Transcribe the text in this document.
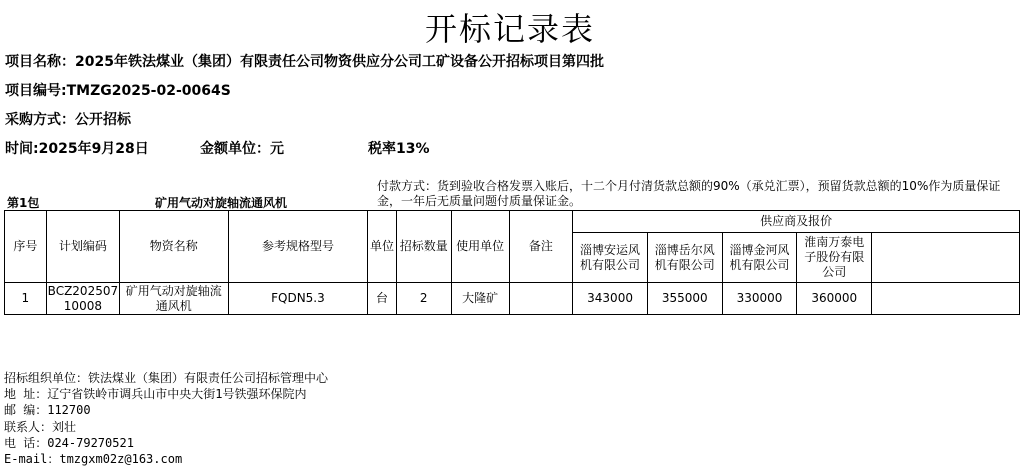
开标记录表
项目名称：2025年铁法煤业（集团）有限责任公司物资供应分公司工矿设备公开招标项目第四批
项目编号:TMZG2025-02-0064S
采购方式：公开招标
时间:2025年9月28日	金额单位：元	税率13%
第1包	矿用气动对旋轴流通风机
付款方式：货到验收合格发票入账后，十二个月付清货款总额的90%（承兑汇票），预留货款总额的10%作为质量保证金，一年后无质量问题付质量保证金。
序号	计划编码	物资名称	参考规格型号	单位	招标数量	使用单位	备注	供应商及报价				
								淄博安运风机有限公司	淄博岳尔风机有限公司	淄博金河风机有限公司	淮南万泰电子股份有限公司	
1	BCZ202507 10008	矿用气动对旋轴流通风机	FQDN5.3	台	2	大隆矿		343000	355000	330000	360000	
招标组织单位：铁法煤业（集团）有限责任公司招标管理中心
地 址：辽宁省铁岭市调兵山市中央大街1号铁强环保院内
邮 编：112700
联系人：刘壮
电 话：024-79270521
E-mail：tmzgxm02z@163.com
